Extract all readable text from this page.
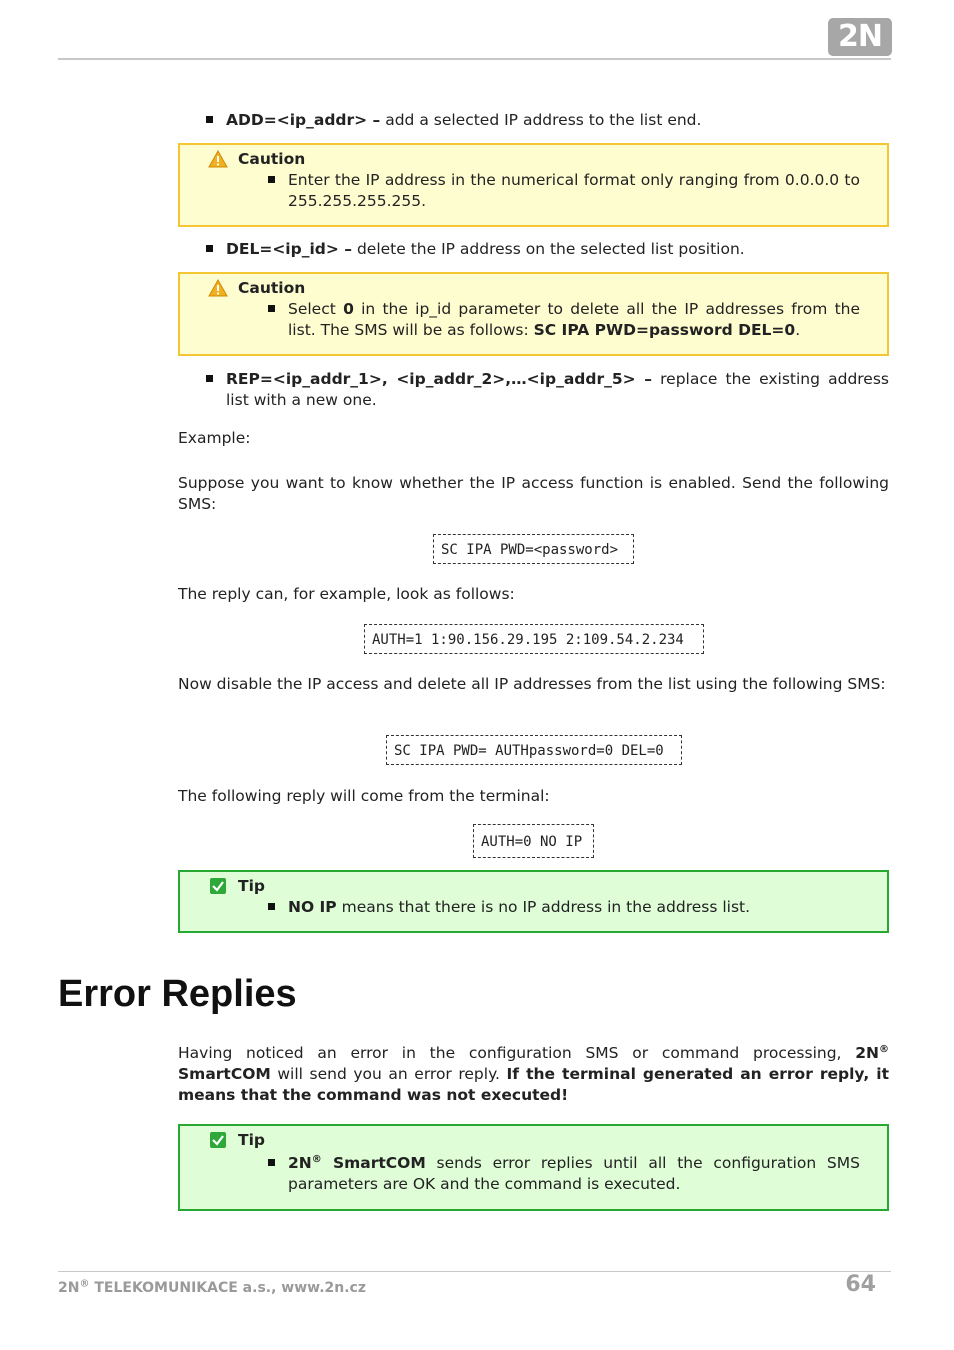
2N
ADD=<ip_addr> – add a selected IP address to the list end.
Caution
Enter the IP address in the numerical format only ranging from 0.0.0.0 to 255.255.255.255.
DEL=<ip_id> – delete the IP address on the selected list position.
Caution
Select 0 in the ip_id parameter to delete all the IP addresses from the list. The SMS will be as follows: SC IPA PWD=password DEL=0.
REP=<ip_addr_1>, <ip_addr_2>,…<ip_addr_5> – replace the existing address list with a new one.
Example:
Suppose you want to know whether the IP access function is enabled. Send the following SMS:
SC IPA PWD=<password>
The reply can, for example, look as follows:
AUTH=1 1:90.156.29.195 2:109.54.2.234
Now disable the IP access and delete all IP addresses from the list using the following SMS:
SC IPA PWD= AUTHpassword=0 DEL=0
The following reply will come from the terminal:
AUTH=0 NO IP
Tip
NO IP means that there is no IP address in the address list.
Error Replies
Having noticed an error in the configuration SMS or command processing, 2N® SmartCOM will send you an error reply. If the terminal generated an error reply, it means that the command was not executed!
Tip
2N® SmartCOM sends error replies until all the configuration SMS parameters are OK and the command is executed.
2N® TELEKOMUNIKACE a.s., www.2n.cz	64
